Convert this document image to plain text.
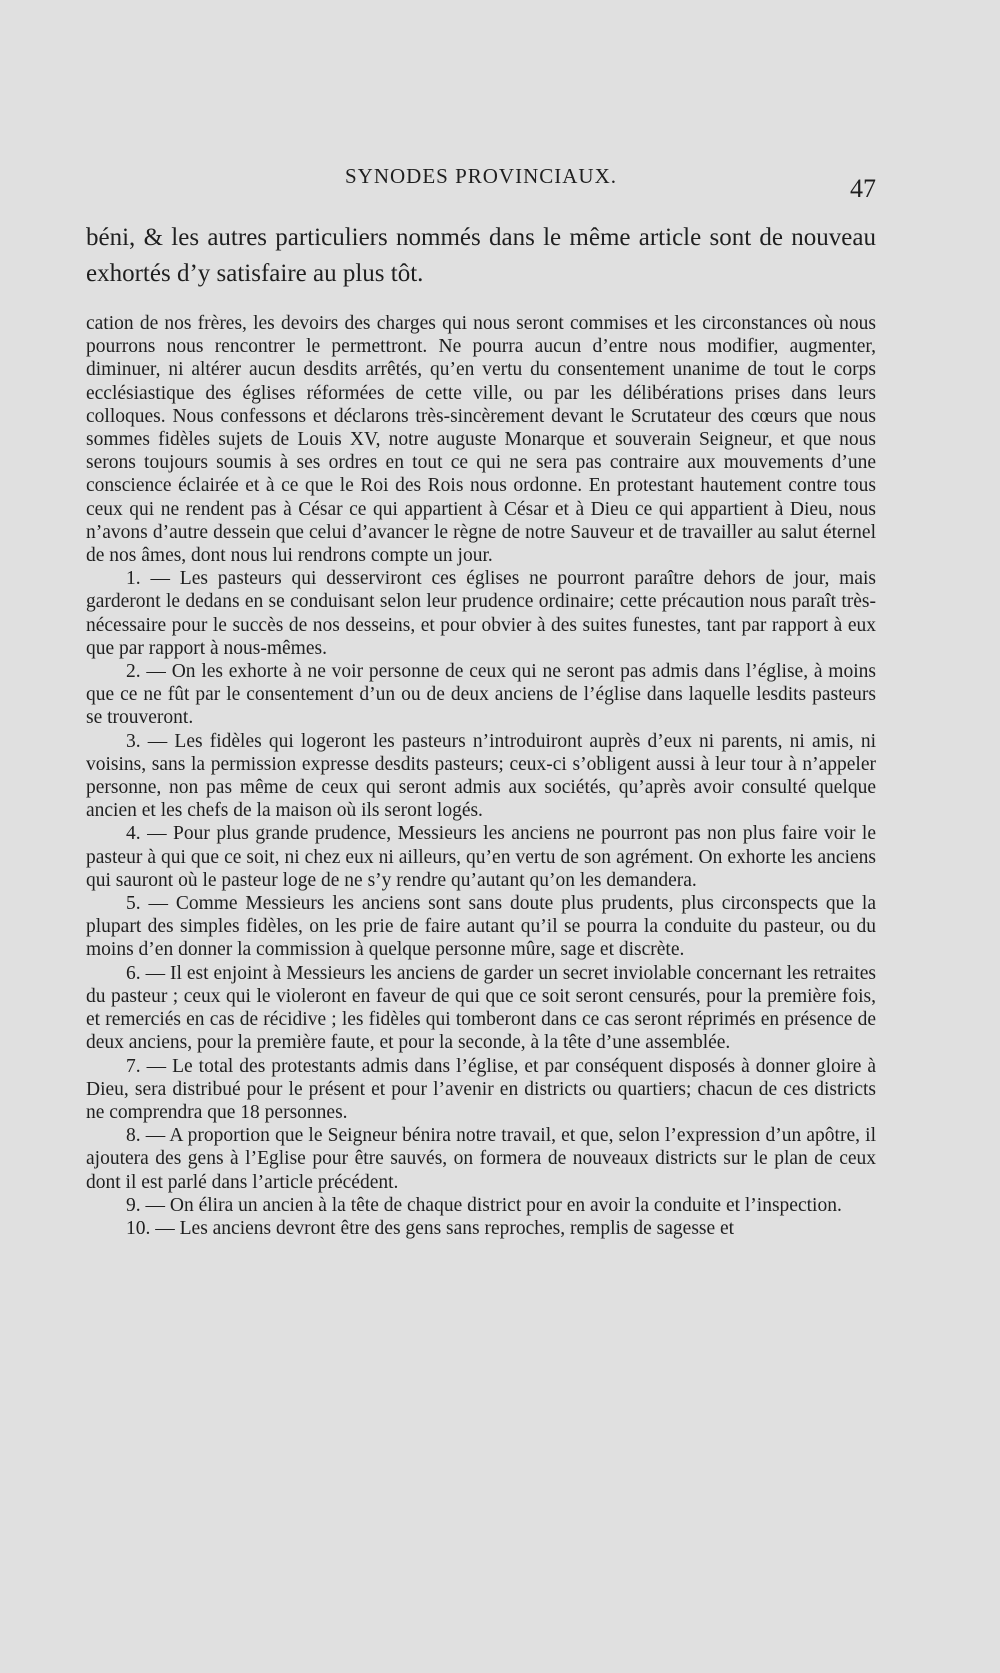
SYNODES PROVINCIAUX.	47
béni, & les autres particuliers nommés dans le même article sont de nouveau exhortés d’y satisfaire au plus tôt.

cation de nos frères, les devoirs des charges qui nous seront commises et les circonstances où nous pourrons nous rencontrer le permettront. Ne pourra aucun d’entre nous modifier, augmenter, diminuer, ni altérer aucun desdits arrêtés, qu’en vertu du consentement unanime de tout le corps ecclésiastique des églises réformées de cette ville, ou par les délibérations prises dans leurs colloques. Nous confessons et déclarons très-sincèrement devant le Scrutateur des cœurs que nous sommes fidèles sujets de Louis XV, notre auguste Monarque et souverain Seigneur, et que nous serons toujours soumis à ses ordres en tout ce qui ne sera pas contraire aux mouvements d’une conscience éclairée et à ce que le Roi des Rois nous ordonne. En protestant hautement contre tous ceux qui ne rendent pas à César ce qui appartient à César et à Dieu ce qui appartient à Dieu, nous n’avons d’autre dessein que celui d’avancer le règne de notre Sauveur et de travailler au salut éternel de nos âmes, dont nous lui rendrons compte un jour.

1. — Les pasteurs qui desserviront ces églises ne pourront paraître dehors de jour, mais garderont le dedans en se conduisant selon leur prudence ordinaire; cette précaution nous paraît très-nécessaire pour le succès de nos desseins, et pour obvier à des suites funestes, tant par rapport à eux que par rapport à nous-mêmes.

2. — On les exhorte à ne voir personne de ceux qui ne seront pas admis dans l’église, à moins que ce ne fût par le consentement d’un ou de deux anciens de l’église dans laquelle lesdits pasteurs se trouveront.

3. — Les fidèles qui logeront les pasteurs n’introduiront auprès d’eux ni parents, ni amis, ni voisins, sans la permission expresse desdits pasteurs; ceux-ci s’obligent aussi à leur tour à n’appeler personne, non pas même de ceux qui seront admis aux sociétés, qu’après avoir consulté quelque ancien et les chefs de la maison où ils seront logés.

4. — Pour plus grande prudence, Messieurs les anciens ne pourront pas non plus faire voir le pasteur à qui que ce soit, ni chez eux ni ailleurs, qu’en vertu de son agrément. On exhorte les anciens qui sauront où le pasteur loge de ne s’y rendre qu’autant qu’on les demandera.

5. — Comme Messieurs les anciens sont sans doute plus prudents, plus circonspects que la plupart des simples fidèles, on les prie de faire autant qu’il se pourra la conduite du pasteur, ou du moins d’en donner la commission à quelque personne mûre, sage et discrète.

6. — Il est enjoint à Messieurs les anciens de garder un secret inviolable concernant les retraites du pasteur ; ceux qui le violeront en faveur de qui que ce soit seront censurés, pour la première fois, et remerciés en cas de récidive ; les fidèles qui tomberont dans ce cas seront réprimés en présence de deux anciens, pour la première faute, et pour la seconde, à la tête d’une assemblée.

7. — Le total des protestants admis dans l’église, et par conséquent disposés à donner gloire à Dieu, sera distribué pour le présent et pour l’avenir en districts ou quartiers; chacun de ces districts ne comprendra que 18 personnes.

8. — A proportion que le Seigneur bénira notre travail, et que, selon l’expression d’un apôtre, il ajoutera des gens à l’Eglise pour être sauvés, on formera de nouveaux districts sur le plan de ceux dont il est parlé dans l’article précédent.

9. — On élira un ancien à la tête de chaque district pour en avoir la conduite et l’inspection.

10. — Les anciens devront être des gens sans reproches, remplis de sagesse et
